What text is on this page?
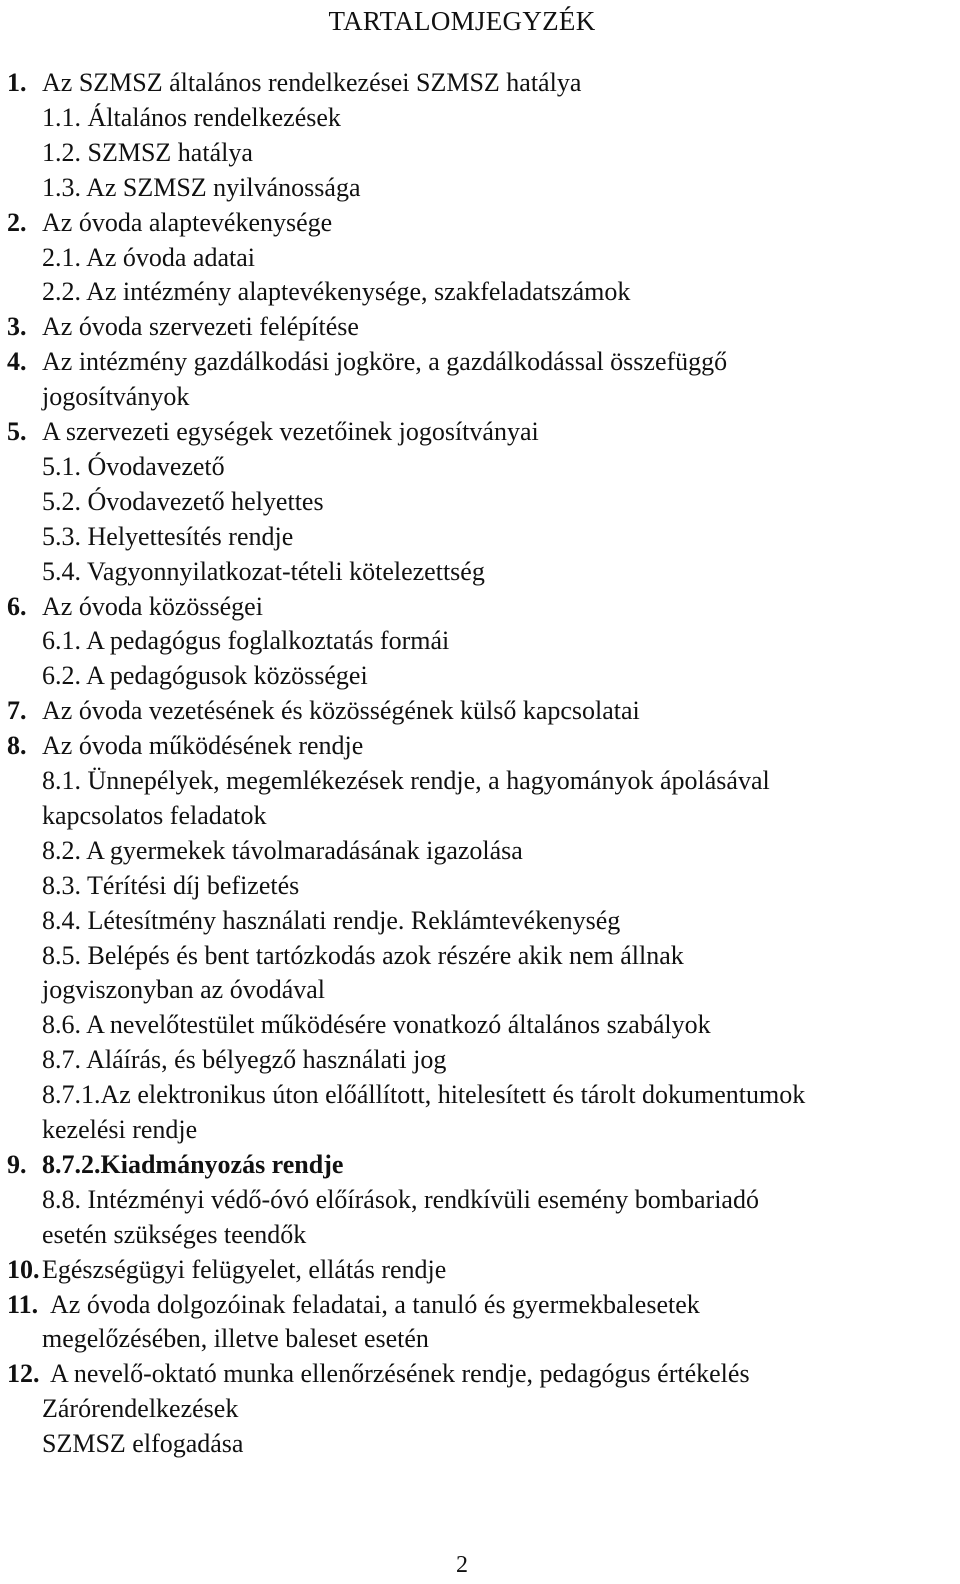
TARTALOMJEGYZÉK
1. Az SZMSZ általános rendelkezései SZMSZ hatálya
1.1. Általános rendelkezések
1.2. SZMSZ hatálya
1.3. Az SZMSZ nyilvánossága
2. Az óvoda alaptevékenysége
2.1. Az óvoda adatai
2.2. Az intézmény alaptevékenysége, szakfeladatszámok
3. Az óvoda szervezeti felépítése
4. Az intézmény gazdálkodási jogköre, a gazdálkodással összefüggő
jogosítványok
5. A szervezeti egységek vezetőinek jogosítványai
5.1. Óvodavezető
5.2. Óvodavezető helyettes
5.3. Helyettesítés rendje
5.4. Vagyonnyilatkozat-tételi kötelezettség
6. Az óvoda közösségei
6.1. A pedagógus foglalkoztatás formái
6.2. A pedagógusok közösségei
7. Az óvoda vezetésének és közösségének külső kapcsolatai
8. Az óvoda működésének rendje
8.1. Ünnepélyek, megemlékezések rendje, a hagyományok ápolásával
kapcsolatos feladatok
8.2. A gyermekek távolmaradásának igazolása
8.3. Térítési díj befizetés
8.4. Létesítmény használati rendje. Reklámtevékenység
8.5. Belépés és bent tartózkodás azok részére akik nem állnak
jogviszonyban az óvodával
8.6. A nevelőtestület működésére vonatkozó általános szabályok
8.7. Aláírás, és bélyegző használati jog
8.7.1.Az elektronikus úton előállított, hitelesített és tárolt dokumentumok
kezelési rendje
9. 8.7.2.Kiadmányozás rendje
8.8. Intézményi védő-óvó előírások, rendkívüli esemény bombariadó
esetén szükséges teendők
10. Egészségügyi felügyelet, ellátás rendje
11. Az óvoda dolgozóinak feladatai, a tanuló és gyermekbalesetek
megelőzésében, illetve baleset esetén
12. A nevelő-oktató munka ellenőrzésének rendje, pedagógus értékelés
Zárórendelkezések
SZMSZ elfogadása
2
